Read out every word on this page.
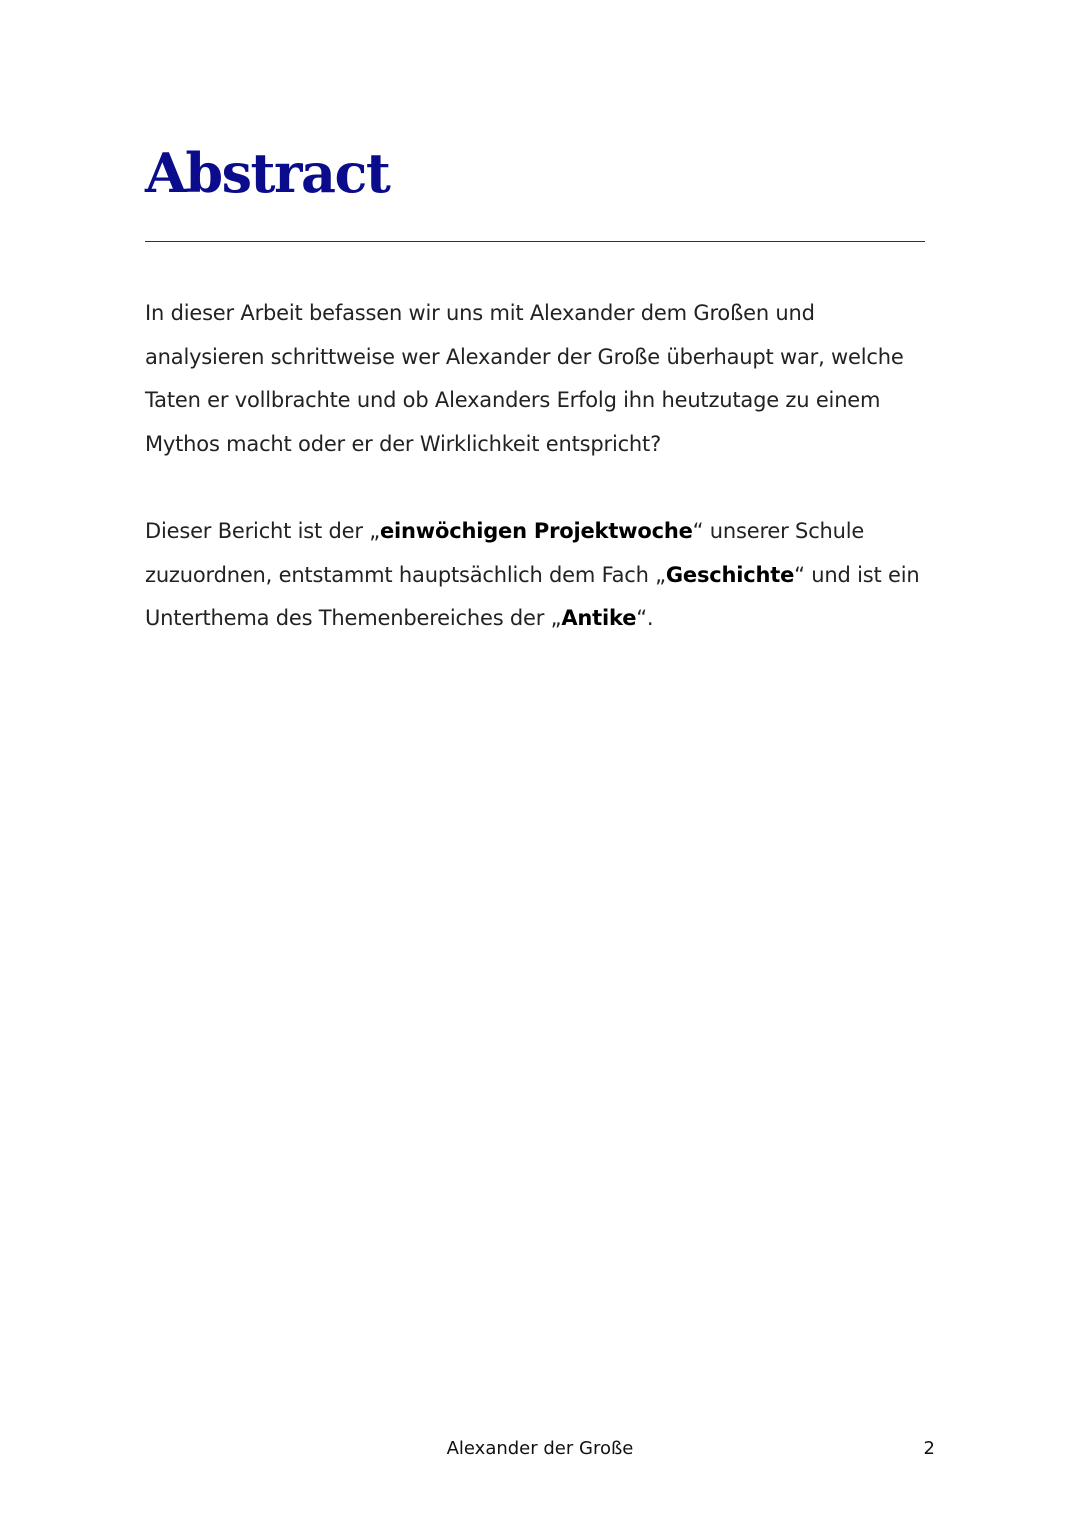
Abstract

In dieser Arbeit befassen wir uns mit Alexander dem Großen und analysieren schrittweise wer Alexander der Große überhaupt war, welche Taten er vollbrachte und ob Alexanders Erfolg ihn heutzutage zu einem Mythos macht oder er der Wirklichkeit entspricht?

Dieser Bericht ist der „einwöchigen Projektwoche“ unserer Schule zuzuordnen, entstammt hauptsächlich dem Fach „Geschichte“ und ist ein Unterthema des Themenbereiches der „Antike“.

Alexander der Große	2
